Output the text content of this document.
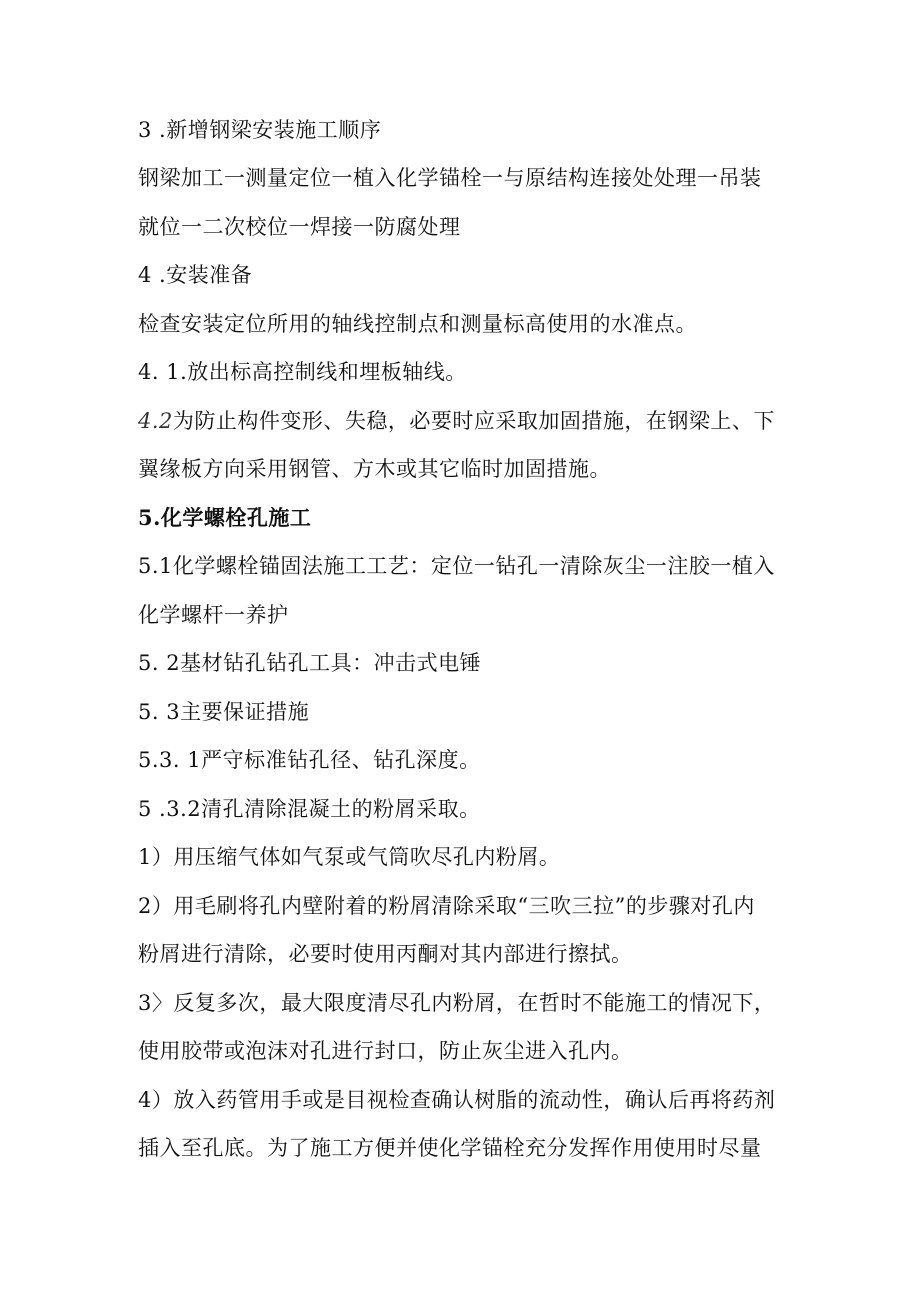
3 .新增钢梁安装施工顺序
钢梁加工一测量定位一植入化学锚栓一与原结构连接处处理一吊装
就位一二次校位一焊接一防腐处理
4 .安装准备
检查安装定位所用的轴线控制点和测量标高使用的水准点。
4. 1.放出标高控制线和埋板轴线。
4.2为防止构件变形、失稳，必要时应采取加固措施，在钢梁上、下
翼缘板方向采用钢管、方木或其它临时加固措施。
5.化学螺栓孔施工
5.1化学螺栓锚固法施工工艺：定位一钻孔一清除灰尘一注胶一植入
化学螺杆一养护
5. 2基材钻孔钻孔工具：冲击式电锤
5. 3主要保证措施
5.3. 1严守标准钻孔径、钻孔深度。
5 .3.2清孔清除混凝土的粉屑采取。
1）用压缩气体如气泵或气筒吹尽孔内粉屑。
2）用毛刷将孔内壁附着的粉屑清除采取“三吹三拉”的步骤对孔内
粉屑进行清除，必要时使用丙酮对其内部进行擦拭。
3〉反复多次，最大限度清尽孔内粉屑，在哲时不能施工的情况下，
使用胶带或泡沫对孔进行封口，防止灰尘进入孔内。
4）放入药管用手或是目视检查确认树脂的流动性，确认后再将药剂
插入至孔底。为了施工方便并使化学锚栓充分发挥作用使用时尽量
